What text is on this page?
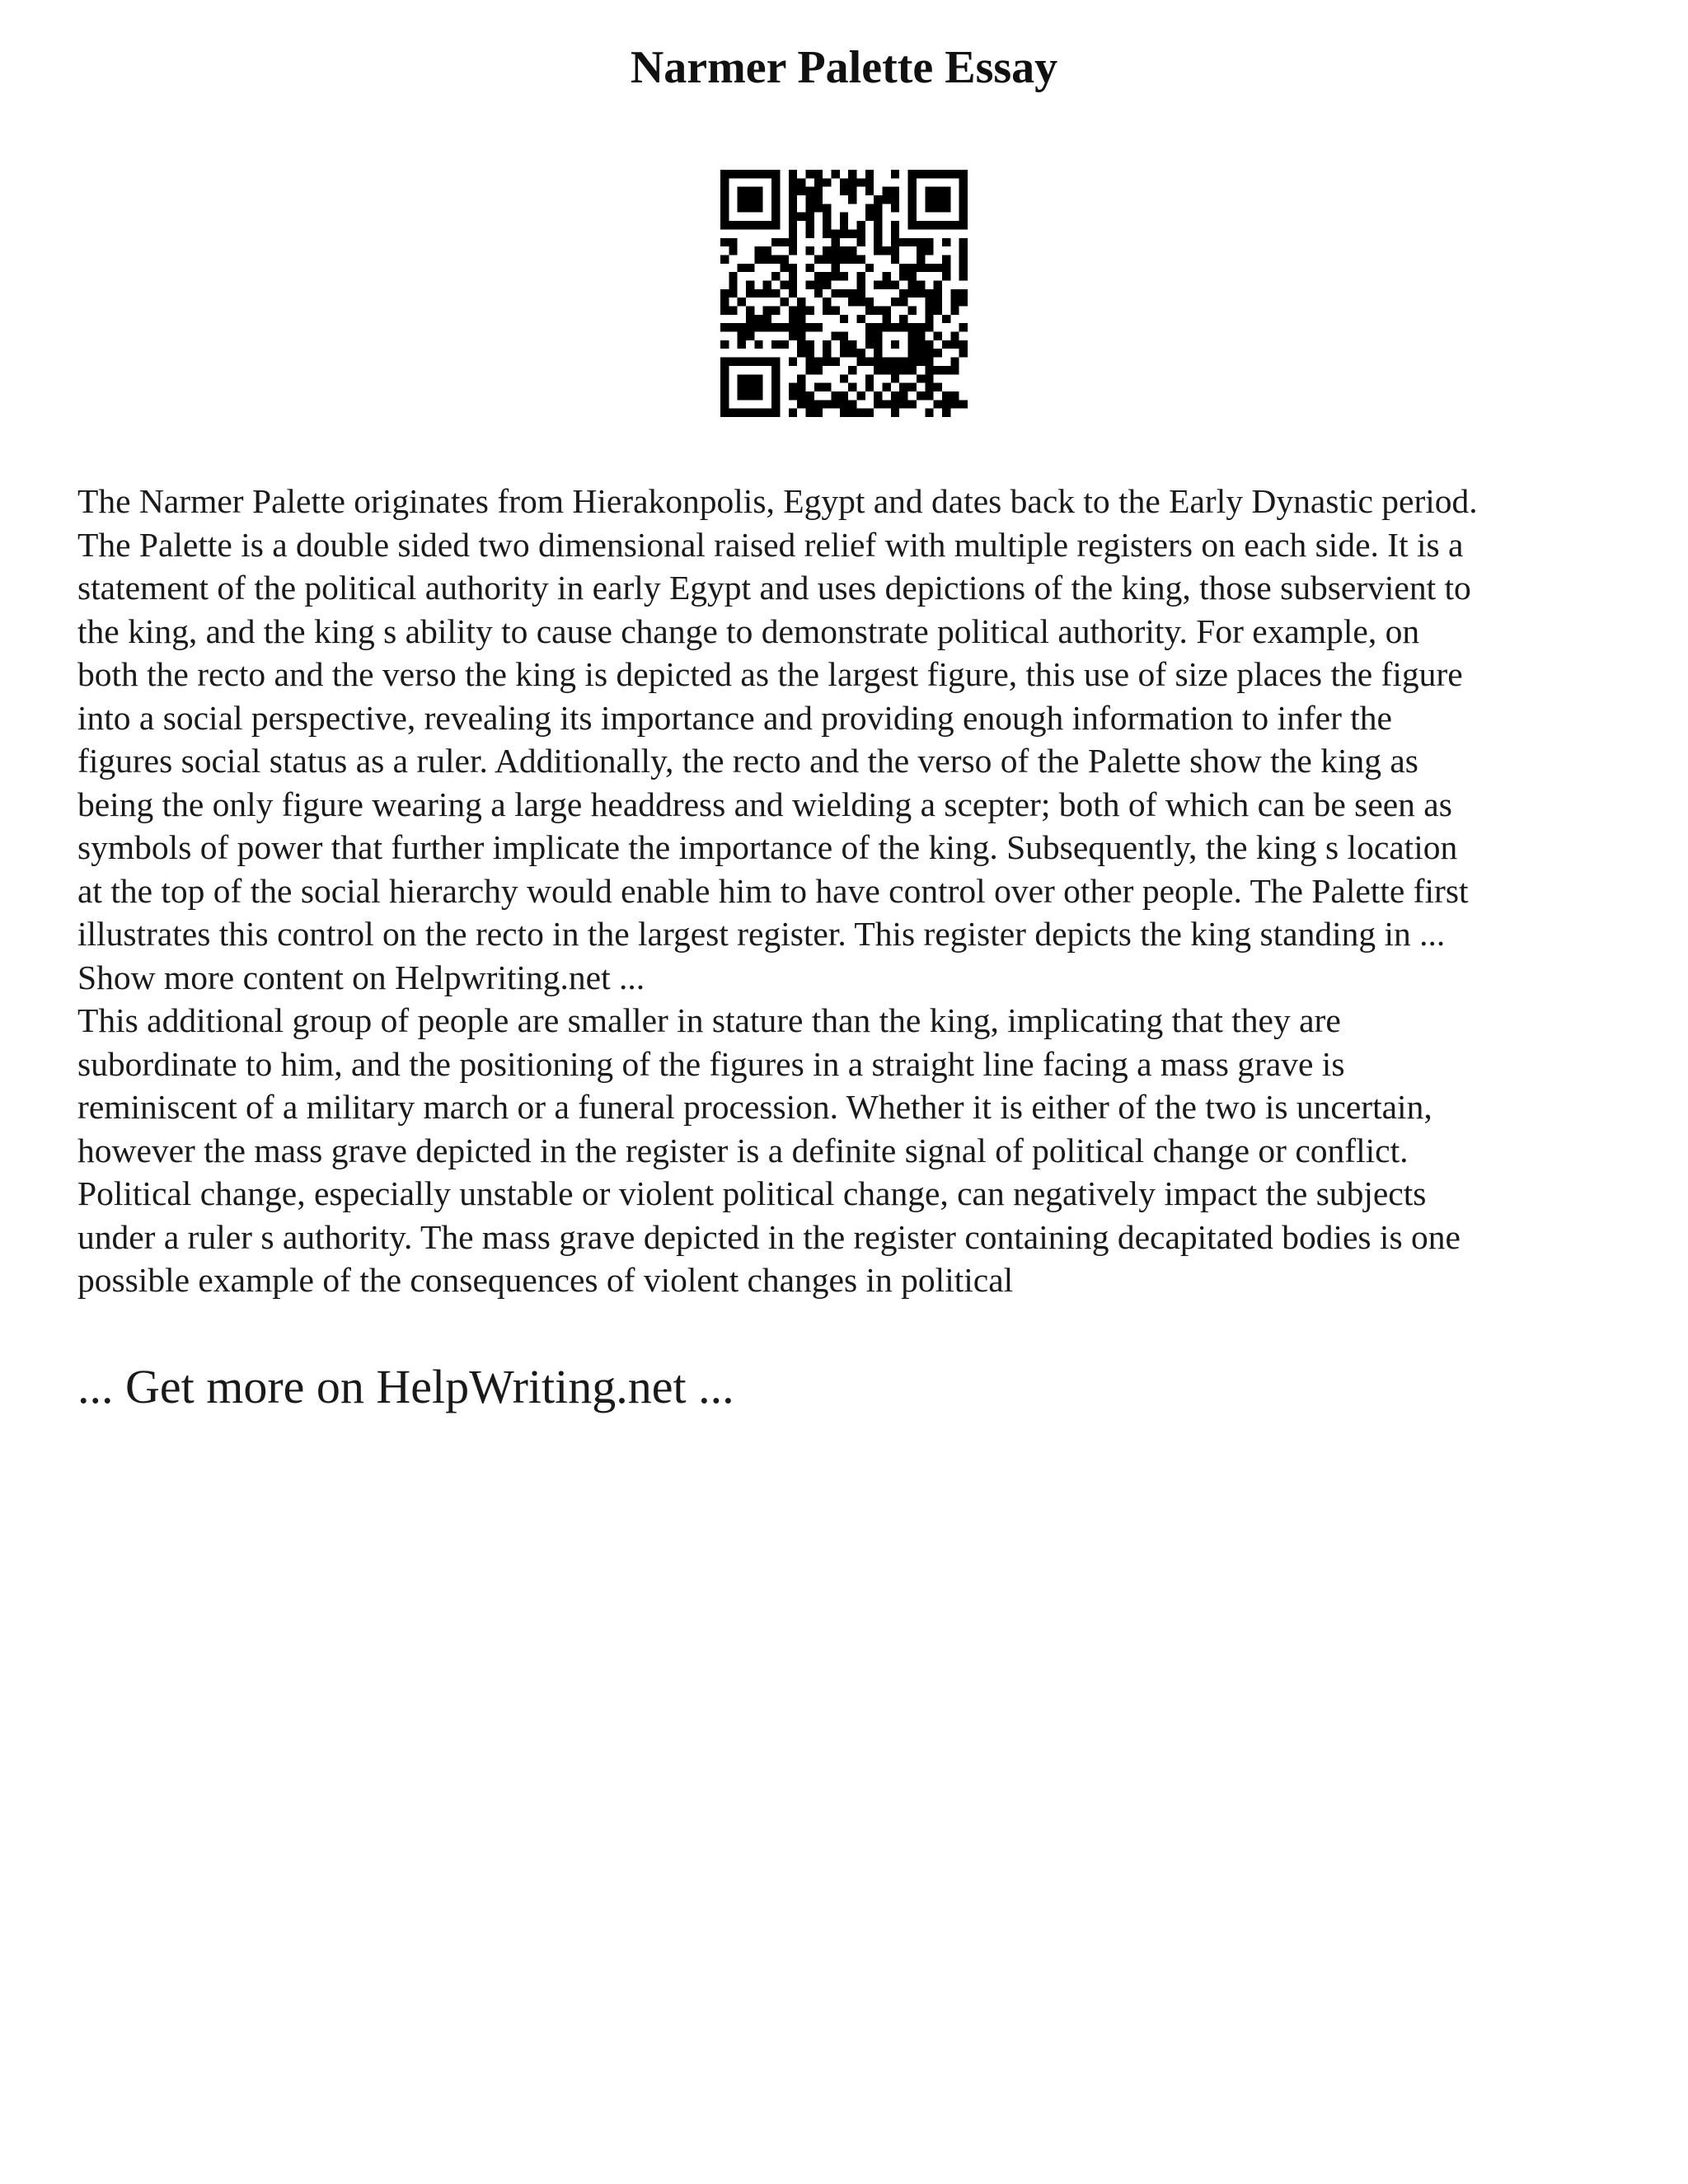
Narmer Palette Essay
The Narmer Palette originates from Hierakonpolis, Egypt and dates back to the Early Dynastic period.
The Palette is a double sided two dimensional raised relief with multiple registers on each side. It is a
statement of the political authority in early Egypt and uses depictions of the king, those subservient to
the king, and the king s ability to cause change to demonstrate political authority. For example, on
both the recto and the verso the king is depicted as the largest figure, this use of size places the figure
into a social perspective, revealing its importance and providing enough information to infer the
figures social status as a ruler. Additionally, the recto and the verso of the Palette show the king as
being the only figure wearing a large headdress and wielding a scepter; both of which can be seen as
symbols of power that further implicate the importance of the king. Subsequently, the king s location
at the top of the social hierarchy would enable him to have control over other people. The Palette first
illustrates this control on the recto in the largest register. This register depicts the king standing in ...
Show more content on Helpwriting.net ...
This additional group of people are smaller in stature than the king, implicating that they are
subordinate to him, and the positioning of the figures in a straight line facing a mass grave is
reminiscent of a military march or a funeral procession. Whether it is either of the two is uncertain,
however the mass grave depicted in the register is a definite signal of political change or conflict.
Political change, especially unstable or violent political change, can negatively impact the subjects
under a ruler s authority. The mass grave depicted in the register containing decapitated bodies is one
possible example of the consequences of violent changes in political
... Get more on HelpWriting.net ...
